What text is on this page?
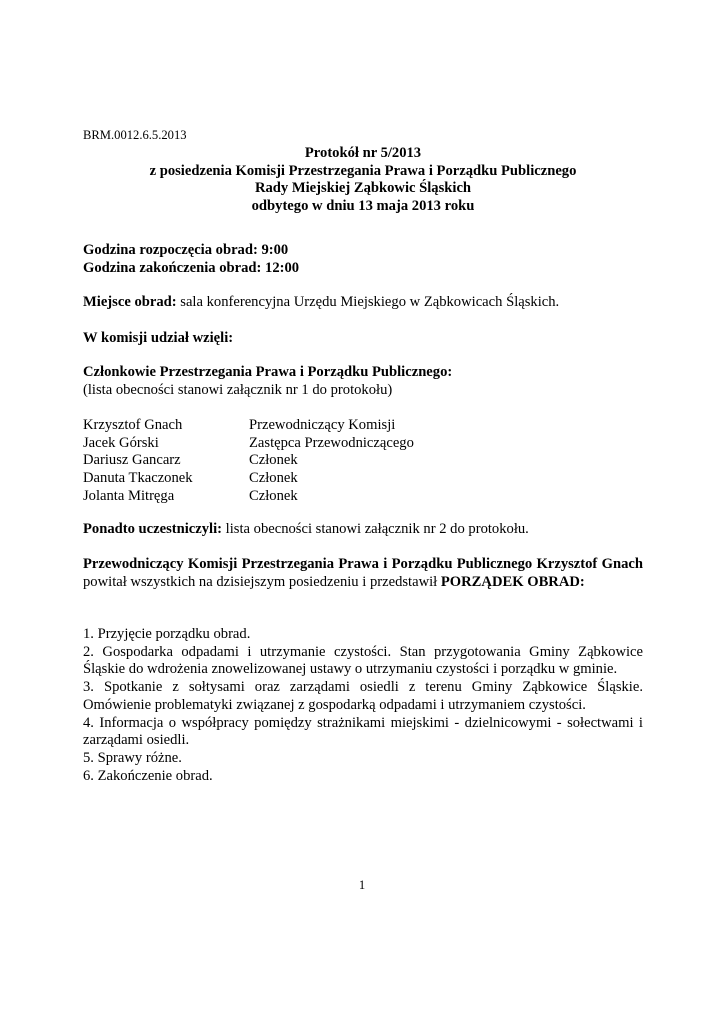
BRM.0012.6.5.2013
Protokół nr 5/2013
z posiedzenia Komisji Przestrzegania Prawa i Porządku Publicznego
Rady Miejskiej Ząbkowic Śląskich
odbytego w dniu 13 maja 2013 roku
Godzina rozpoczęcia obrad: 9:00
Godzina zakończenia obrad: 12:00
Miejsce obrad: sala konferencyjna Urzędu Miejskiego w Ząbkowicach Śląskich.
W komisji udział wzięli:
Członkowie Przestrzegania Prawa i Porządku Publicznego:
(lista obecności stanowi załącznik nr 1 do protokołu)
Krzysztof Gnach	Przewodniczący Komisji
Jacek Górski	Zastępca Przewodniczącego
Dariusz Gancarz	Członek
Danuta Tkaczonek	Członek
Jolanta Mitręga	Członek
Ponadto uczestniczyli: lista obecności stanowi załącznik nr 2 do protokołu.
Przewodniczący Komisji Przestrzegania Prawa i Porządku Publicznego Krzysztof Gnach powitał wszystkich na dzisiejszym posiedzeniu i przedstawił PORZĄDEK OBRAD:
1. Przyjęcie porządku obrad.
2. Gospodarka odpadami i utrzymanie czystości. Stan przygotowania Gminy Ząbkowice Śląskie do wdrożenia znowelizowanej ustawy o utrzymaniu czystości i porządku w gminie.
3. Spotkanie z sołtysami oraz zarządami osiedli z terenu Gminy Ząbkowice Śląskie. Omówienie problematyki związanej z gospodarką odpadami i utrzymaniem czystości.
4. Informacja o współpracy pomiędzy strażnikami miejskimi - dzielnicowymi - sołectwami i zarządami osiedli.
5. Sprawy różne.
6. Zakończenie obrad.
1
